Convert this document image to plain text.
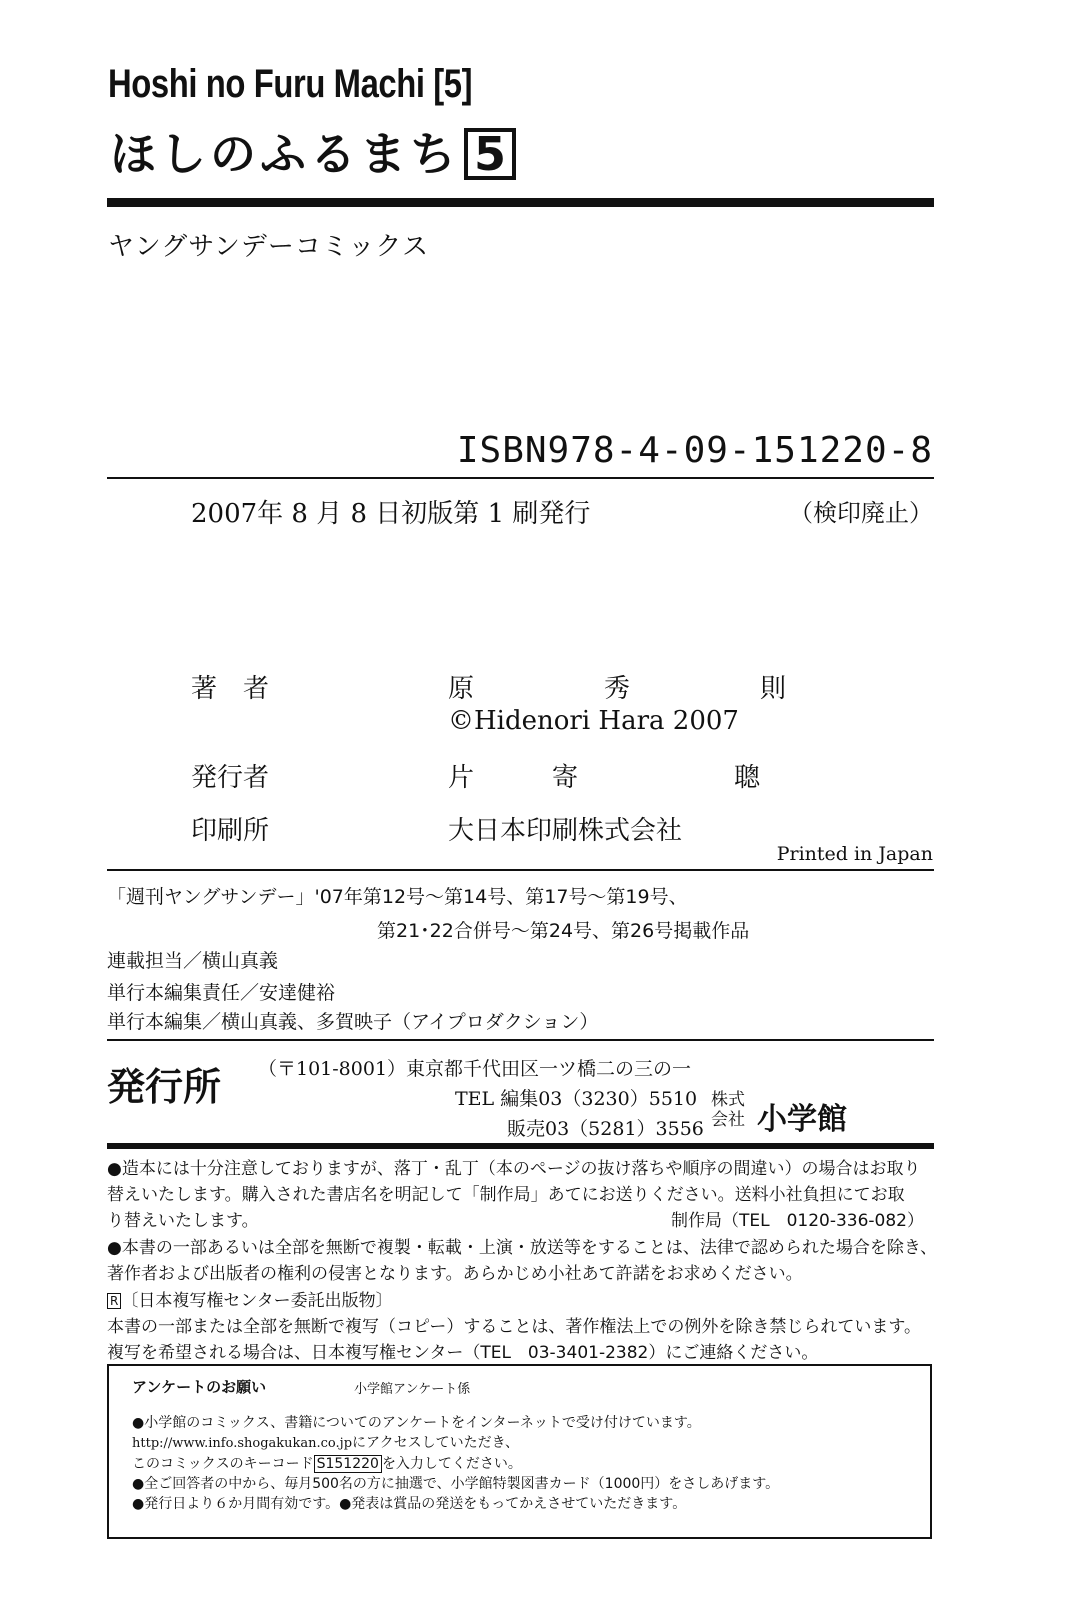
Hoshi no Furu Machi [5]
ほしのふるまち 5
ヤングサンデーコミックス
ISBN978-4-09-151220-8
2007年 8 月 8 日初版第 1 刷発行	（検印廃止）
著　者	原　　　　　秀　　　　　則
©Hidenori Hara 2007
発行者	片　　　寄　　　　　　聰
印刷所	大日本印刷株式会社
Printed in Japan
「週刊ヤングサンデー」'07年第12号〜第14号、第17号〜第19号、
第21･22合併号〜第24号、第26号掲載作品
連載担当／横山真義
単行本編集責任／安達健裕
単行本編集／横山真義、多賀映子（アイプロダクション）
発行所 （〒101-8001）東京都千代田区一ツ橋二の三の一
TEL 編集03（3230）5510
販売03（5281）3556
株式
会社 小学館
●造本には十分注意しておりますが、落丁・乱丁（本のページの抜け落ちや順序の間違い）の場合はお取り
替えいたします。購入された書店名を明記して「制作局」あてにお送りください。送料小社負担にてお取
り替えいたします。	制作局（TEL　0120-336-082）
●本書の一部あるいは全部を無断で複製・転載・上演・放送等をすることは、法律で認められた場合を除き、
著作者および出版者の権利の侵害となります。あらかじめ小社あて許諾をお求めください。
R 〔日本複写権センター委託出版物〕
本書の一部または全部を無断で複写（コピー）することは、著作権法上での例外を除き禁じられています。
複写を希望される場合は、日本複写権センター（TEL　03-3401-2382）にご連絡ください。
アンケートのお願い	小学館アンケート係
●小学館のコミックス、書籍についてのアンケートをインターネットで受け付けています。
http://www.info.shogakukan.co.jpにアクセスしていただき、
このコミックスのキーコード S151220 を入力してください。
●全ご回答者の中から、毎月500名の方に抽選で、小学館特製図書カード（1000円）をさしあげます。
●発行日より６か月間有効です。●発表は賞品の発送をもってかえさせていただきます。
